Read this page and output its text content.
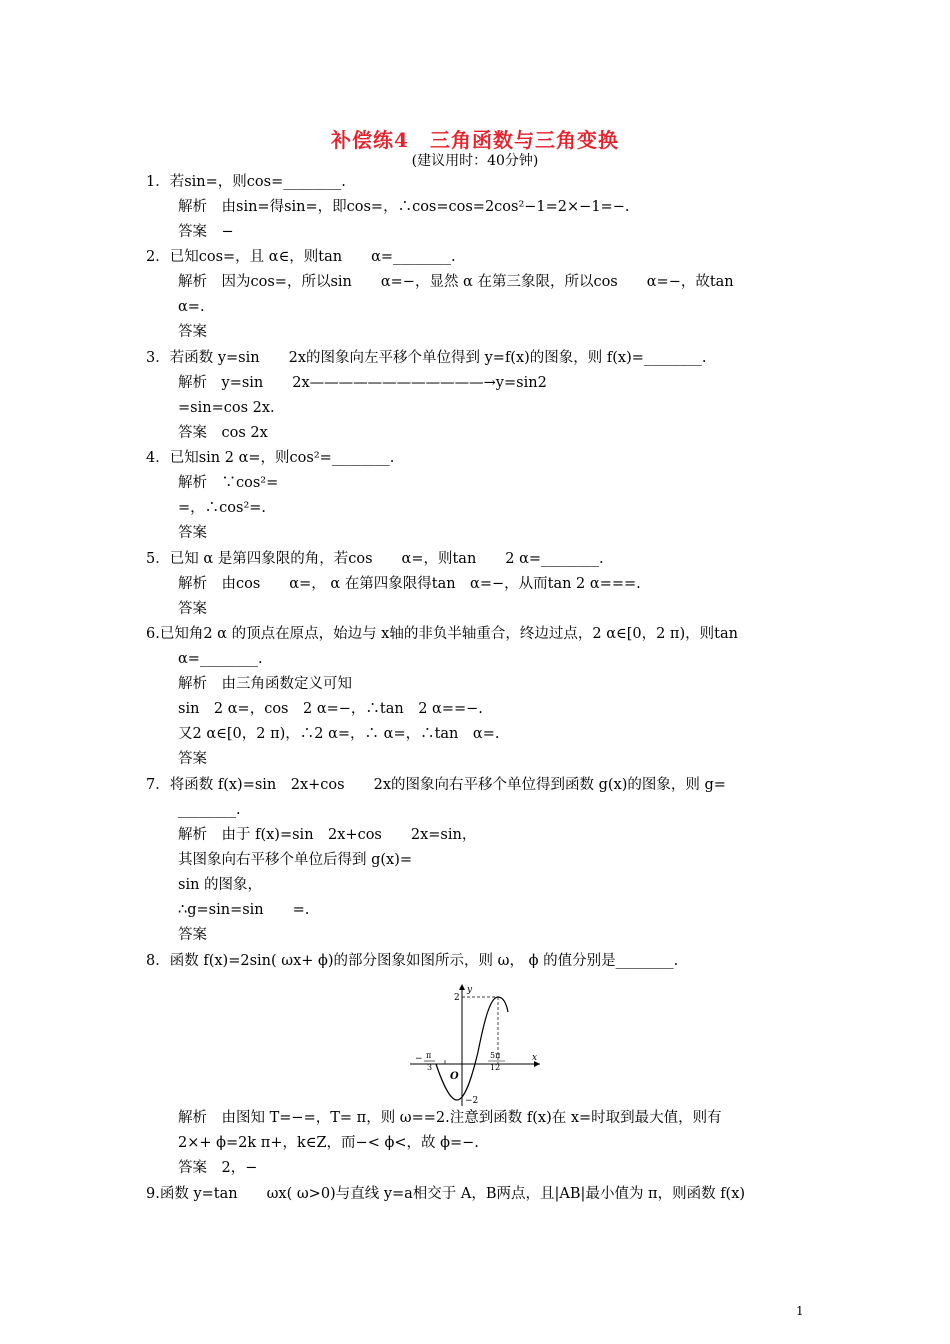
补偿练4　三角函数与三角变换
(建议用时：40分钟)
1．若sin=，则cos=________.
解析　由sin=得sin=，即cos=，∴cos=cos=2cos²−1=2×−1=−.
答案　−
2．已知cos=，且 α∈，则tan　　α=________.
解析　因为cos=，所以sin　　α=−，显然 α 在第三象限，所以cos　　α=−，故tan
α=.
答案
3．若函数 y=sin　　2x的图象向左平移个单位得到 y=f(x)的图象，则 f(x)=________.
解析　y=sin　　2x————————————→y=sin2
=sin=cos 2x.
答案　cos 2x
4．已知sin 2 α=，则cos²=________.
解析　∵cos²=
=，∴cos²=.
答案
5．已知 α 是第四象限的角，若cos　　α=，则tan　　2 α=________.
解析　由cos　　α=， α 在第四象限得tan　α=−，从而tan 2 α===.
答案
6.已知角2 α 的顶点在原点，始边与 x轴的非负半轴重合，终边过点，2 α∈[0，2 π)，则tan
α=________.
解析　由三角函数定义可知
sin　2 α=，cos　2 α=−，∴tan　2 α==−.
又2 α∈[0，2 π)，∴2 α=，∴ α=，∴tan　α=.
答案
7．将函数 f(x)=sin　2x+cos　　2x的图象向右平移个单位得到函数 g(x)的图象，则 g=
________.
解析　由于 f(x)=sin　2x+cos　　2x=sin，
其图象向右平移个单位后得到 g(x)=
sin 的图象，
∴g=sin=sin　　=.
答案
8．函数 f(x)=2sin( ωx+ ϕ)的部分图象如图所示，则 ω， ϕ 的值分别是________.
y
x
O
2
−2
− π
3
5π
12
解析　由图知 T=−=，T= π，则 ω==2.注意到函数 f(x)在 x=时取到最大值，则有
2×+ ϕ=2k π+，k∈Z，而−< ϕ<，故 ϕ=−.
答案　2，−
9.函数 y=tan　　ωx( ω>0)与直线 y=a相交于 A，B两点，且|AB|最小值为 π，则函数 f(x)
1
